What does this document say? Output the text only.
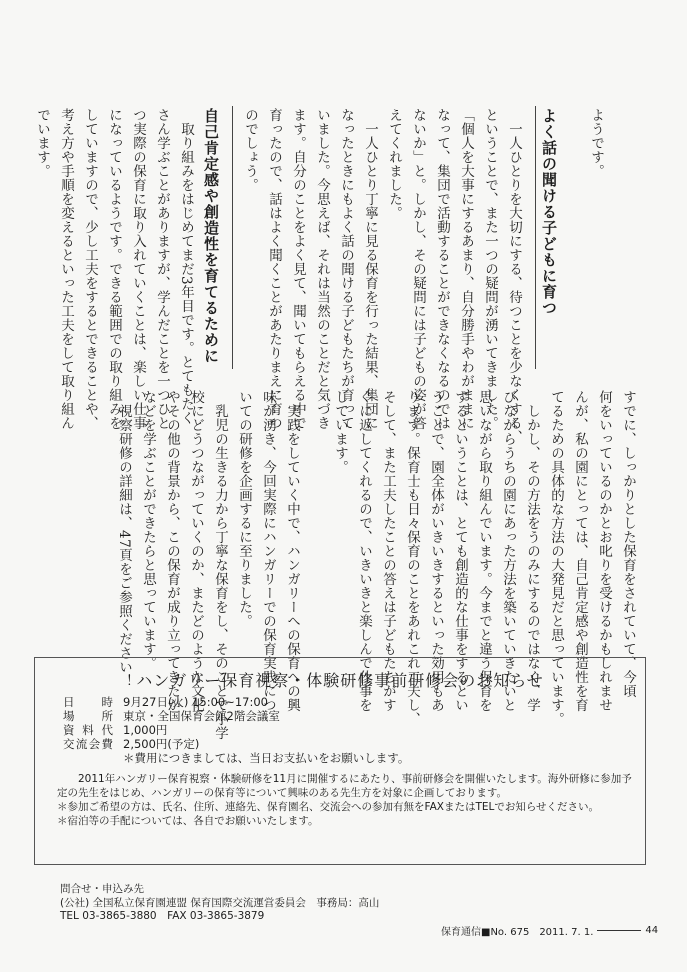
ようです。
よく話の聞ける子どもに育つ
　一人ひとりを大切にする、待つことを少なくする、
ということで、また一つの疑問が湧いてきました。
「個人を大事にするあまり、自分勝手やわがままに
なって、集団で活動することができなくなるのでは
ないか」と。しかし、その疑問には子どもの姿が答
えてくれました。
　一人ひとり丁寧に見る保育を行った結果、集団に
なったときにもよく話の聞ける子どもたちが育って
いました。今思えば、それは当然のことだと気づき
ます。自分のことをよく見て、聞いてもらえる中で
育ったので、話はよく聞くことがあたりまえに育つ
のでしょう。
自己肯定感や創造性を育てるために
　取り組みをはじめてまだ3年目です。とてもたく
さん学ぶことがありますが、学んだことを一つひと
つ実際の保育に取り入れていくことは、楽しい仕事
になっているようです。できる範囲での取り組みを
していますので、少し工夫をするとできることや、
考え方や手順を変えるといった工夫をして取り組ん
でいます。
すでに、しっかりとした保育をされていて、今頃
何をいっているのかとお叱りを受けるかもしれませ
んが、私の園にとっては、自己肯定感や創造性を育
てるための具体的な方法の大発見だと思っています。
　しかし、その方法をうのみにするのではなく、学
びながらうちの園にあった方法を築いていきたいと
思いながら取り組んでいます。今までと違う保育を
するということは、とても創造的な仕事をするとい
うことで、園全体がいきいきするといった効用もあ
ります。保育士も日々保育のことをあれこれ工夫し、
そして、また工夫したことの答えは子どもたちがす
ぐに返してくれるので、いきいきと楽しんで仕事を
しています。

　実践をしていく中で、ハンガリーへの保育への興
味が湧き、今回実際にハンガリーでの保育実践につ
いての研修を企画するに至りました。
　乳児の生きる力から丁寧な保育をし、そのことで小学
校にどうつながっていくのか、またどのような文化
やその他の背景から、この保育が成り立ってきたか
などを学ぶことができたらと思っています。
　視察研修の詳細は、47頁をご参照ください！ ハンガリー保育視察・体験研修事前研修会のお知らせ
日時 9月27日(火) 15:00~17:00
場所 東京・全国保育会館2階会議室
資料代 1,000円
交流会費 2,500円(予定)
＊費用につきましては、当日お支払いをお願いします。

2011年ハンガリー保育視察・体験研修を11月に開催するにあたり、事前研修会を開催いたします。海外研修に参加予定の先生をはじめ、ハンガリーの保育等について興味のある先生方を対象に企画しております。

＊参加ご希望の方は、氏名、住所、連絡先、保育園名、交流会への参加有無をFAXまたはTELでお知らせください。

＊宿泊等の手配については、各自でお願いいたします。

問合せ・申込み先
(公社) 全国私立保育園連盟 保育国際交流運営委員会　事務局：高山
TEL 03-3865-3880　FAX 03-3865-3879
保育通信■No. 675　2011. 7. 1.	44
